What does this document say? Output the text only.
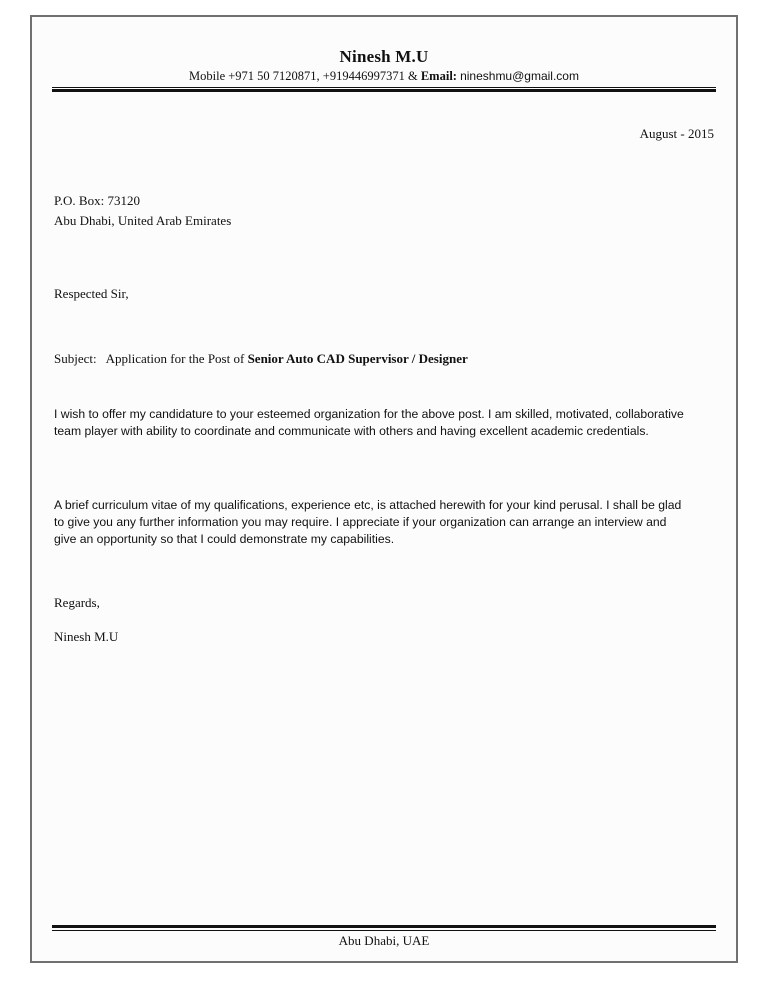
Ninesh M.U
Mobile +971 50 7120871, +919446997371 & Email: nineshmu@gmail.com
August - 2015
P.O. Box: 73120
Abu Dhabi, United Arab Emirates
Respected Sir,
Subject: Application for the Post of Senior Auto CAD Supervisor / Designer
I wish to offer my candidature to your esteemed organization for the above post. I am skilled, motivated, collaborative
team player with ability to coordinate and communicate with others and having excellent academic credentials.
A brief curriculum vitae of my qualifications, experience etc, is attached herewith for your kind perusal. I shall be glad
to give you any further information you may require. I appreciate if your organization can arrange an interview and
give an opportunity so that I could demonstrate my capabilities.
Regards,
Ninesh M.U
Abu Dhabi, UAE
